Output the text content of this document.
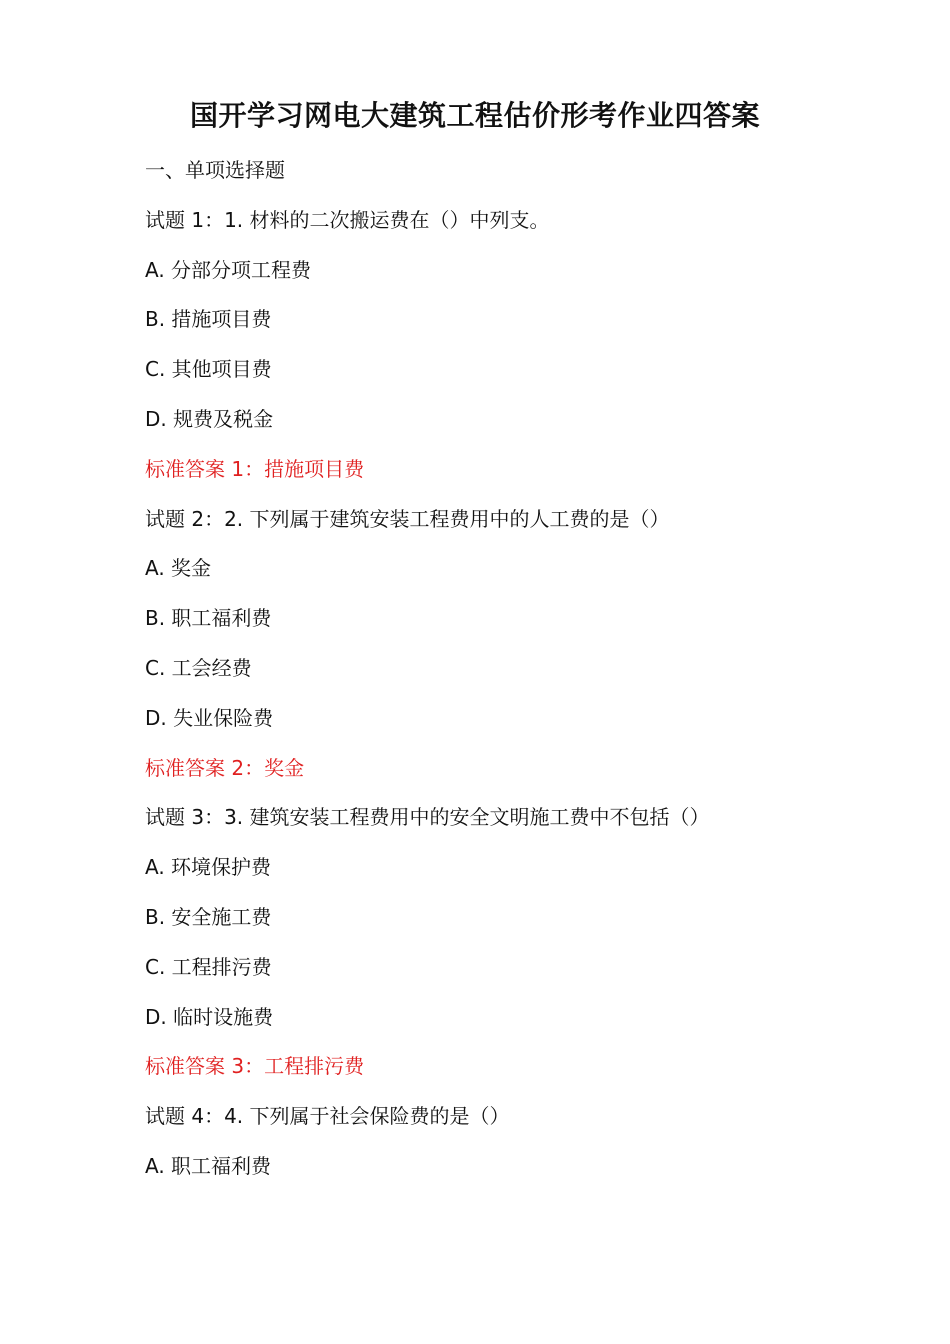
国开学习网电大建筑工程估价形考作业四答案
一、单项选择题
试题 1：1. 材料的二次搬运费在（）中列支。
A. 分部分项工程费
B. 措施项目费
C. 其他项目费
D. 规费及税金
标准答案 1：措施项目费
试题 2：2. 下列属于建筑安装工程费用中的人工费的是（）
A. 奖金
B. 职工福利费
C. 工会经费
D. 失业保险费
标准答案 2：奖金
试题 3：3. 建筑安装工程费用中的安全文明施工费中不包括（）
A. 环境保护费
B. 安全施工费
C. 工程排污费
D. 临时设施费
标准答案 3：工程排污费
试题 4：4. 下列属于社会保险费的是（）
A. 职工福利费
